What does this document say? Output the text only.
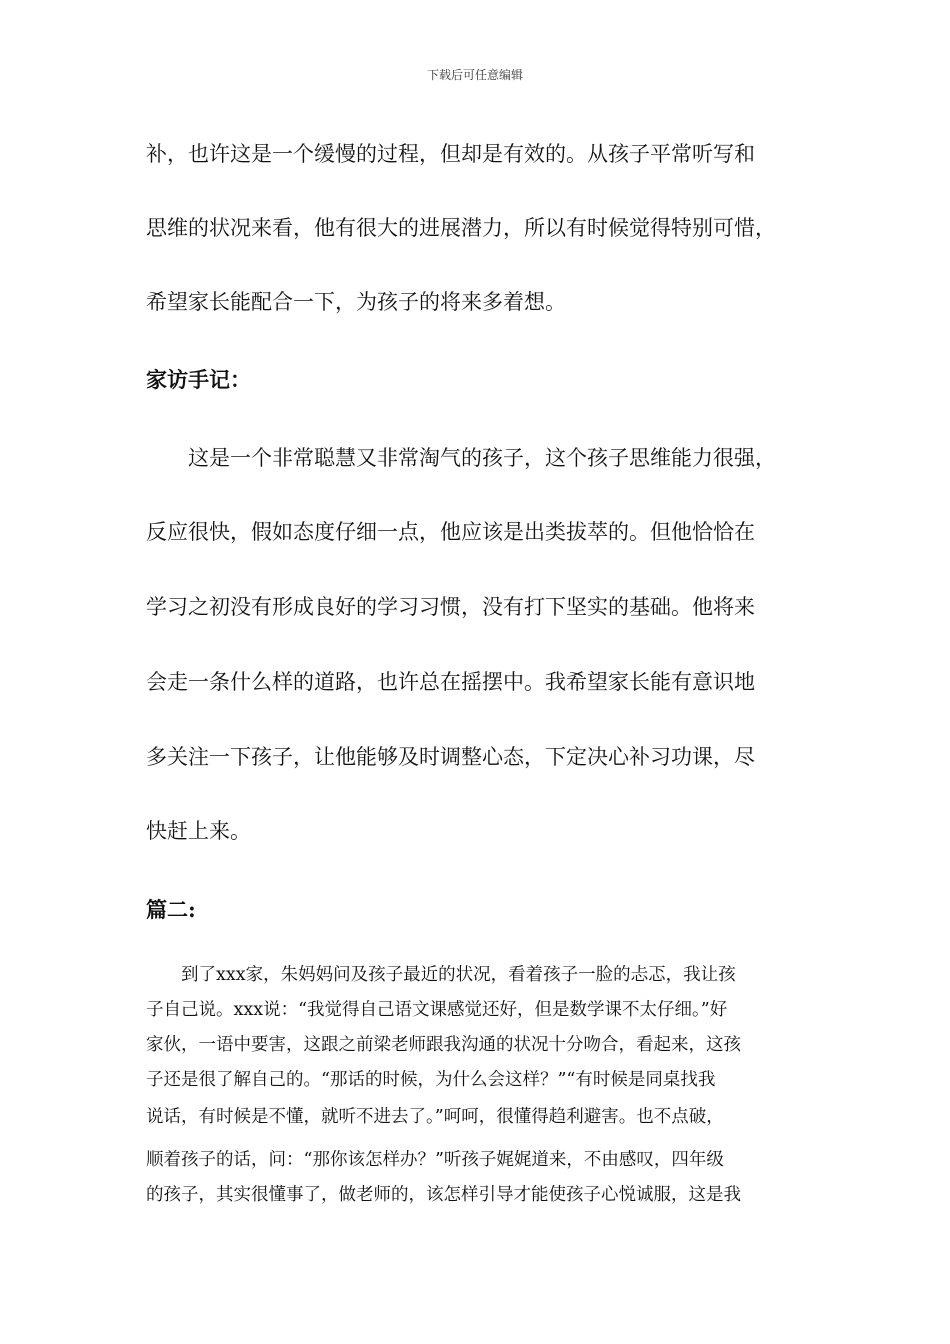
下载后可任意编辑
补，也许这是一个缓慢的过程，但却是有效的。从孩子平常听写和
思维的状况来看，他有很大的进展潜力，所以有时候觉得特别可惜，
希望家长能配合一下，为孩子的将来多着想。
家访手记：
这是一个非常聪慧又非常淘气的孩子，这个孩子思维能力很强，
反应很快，假如态度仔细一点，他应该是出类拔萃的。但他恰恰在
学习之初没有形成良好的学习习惯，没有打下坚实的基础。他将来
会走一条什么样的道路，也许总在摇摆中。我希望家长能有意识地
多关注一下孩子，让他能够及时调整心态，下定决心补习功课，尽
快赶上来。
篇二:
到了xxx家，朱妈妈问及孩子最近的状况，看着孩子一脸的忐忑，我让孩
子自己说。xxx说：“我觉得自己语文课感觉还好，但是数学课不太仔细。”好
家伙，一语中要害，这跟之前梁老师跟我沟通的状况十分吻合，看起来，这孩
子还是很了解自己的。“那话的时候，为什么会这样？”“有时候是同桌找我
说话，有时候是不懂，就听不进去了。”呵呵，很懂得趋利避害。也不点破，
顺着孩子的话，问：“那你该怎样办？”听孩子娓娓道来，不由感叹，四年级
的孩子，其实很懂事了，做老师的，该怎样引导才能使孩子心悦诚服，这是我
